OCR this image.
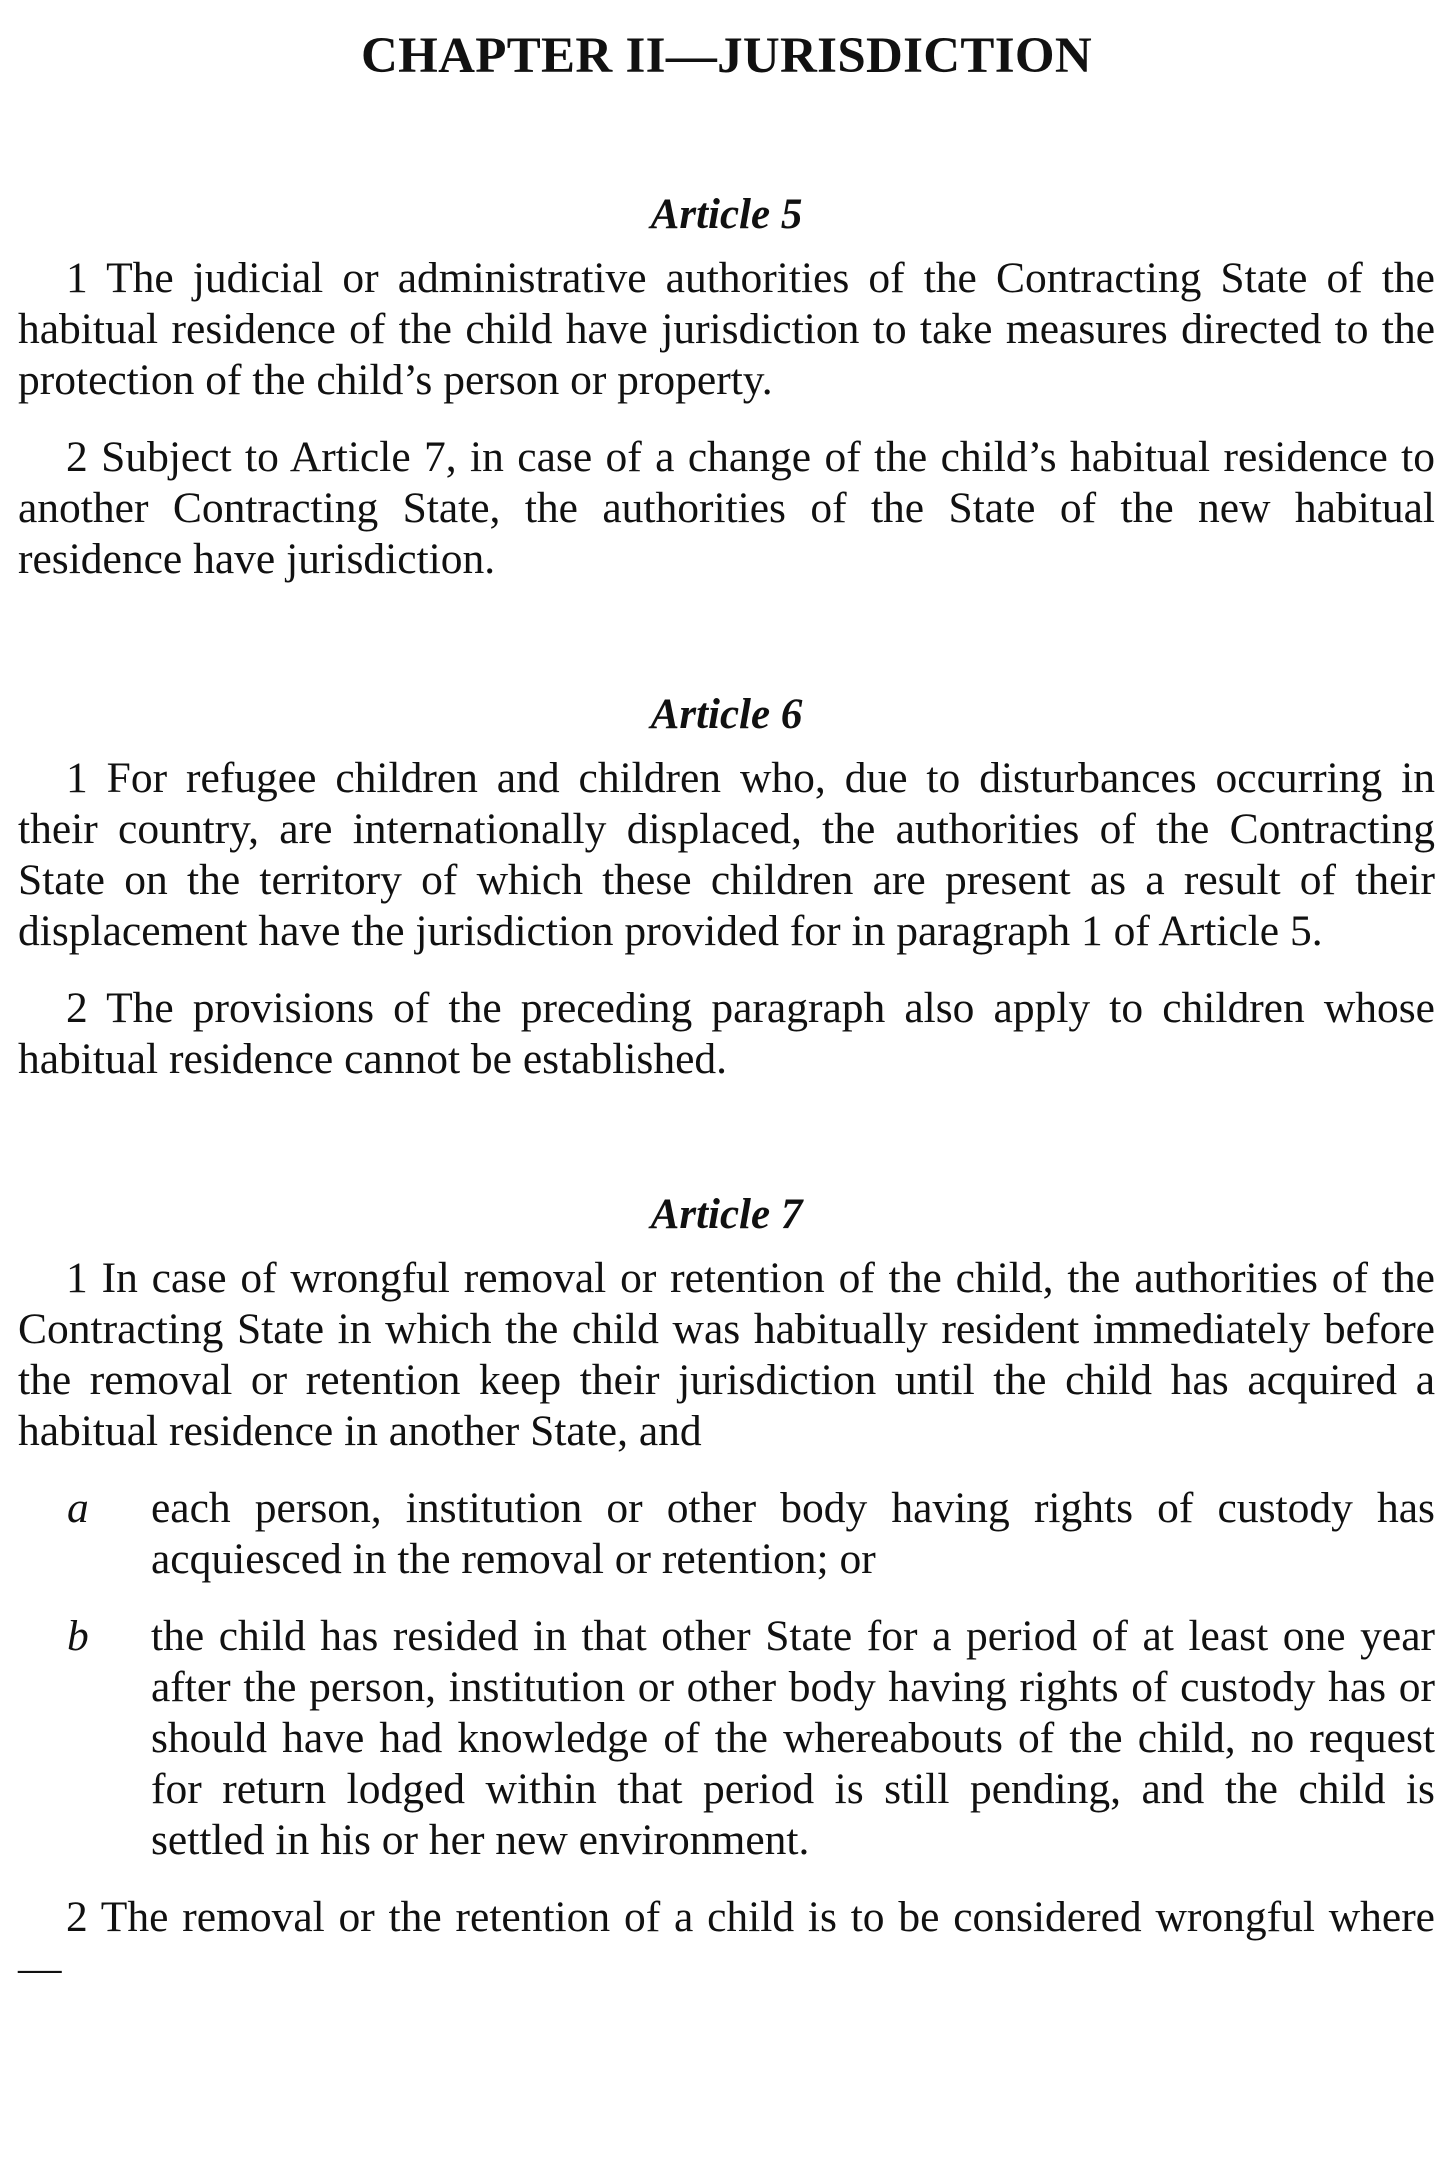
CHAPTER II—JURISDICTION
Article 5

1 The judicial or administrative authorities of the Contracting State of the habitual residence of the child have jurisdiction to take measures directed to the protection of the child’s person or property.

2 Subject to Article 7, in case of a change of the child’s habitual residence to another Contracting State, the authorities of the State of the new habitual residence have jurisdiction.

Article 6

1 For refugee children and children who, due to disturbances occurring in their country, are internationally displaced, the authorities of the Contracting State on the territory of which these children are present as a result of their displacement have the jurisdiction provided for in paragraph 1 of Article 5.

2 The provisions of the preceding paragraph also apply to children whose habitual residence cannot be established.

Article 7

1 In case of wrongful removal or retention of the child, the authorities of the Contracting State in which the child was habitually resident immediately before the removal or retention keep their jurisdiction until the child has acquired a habitual residence in another State, and

a	each person, institution or other body having rights of custody has acquiesced in the removal or retention; or
b	the child has resided in that other State for a period of at least one year after the person, institution or other body having rights of custody has or should have had knowledge of the whereabouts of the child, no request for return lodged within that period is still pending, and the child is settled in his or her new environment.

2 The removal or the retention of a child is to be considered wrongful where—
